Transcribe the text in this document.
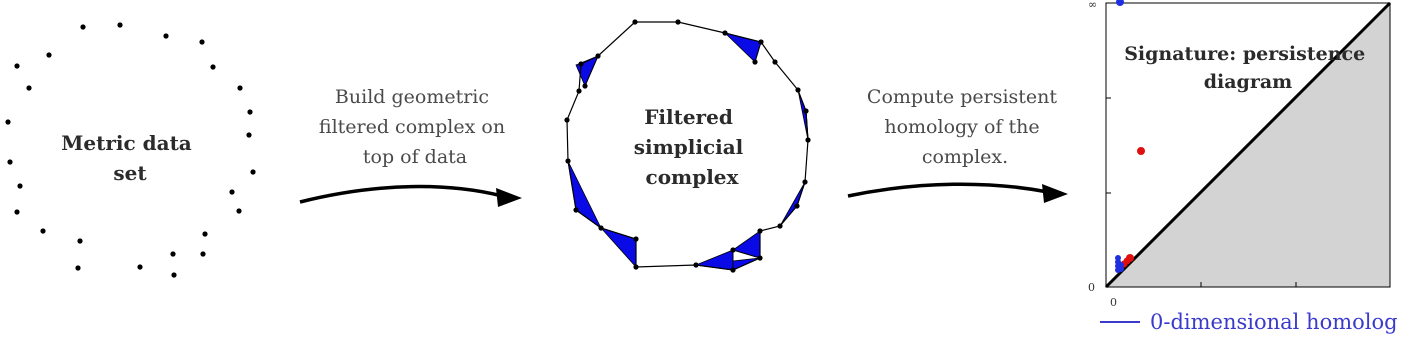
Metric data set
Build geometric filtered complex on top of data
Filtered simplicial complex
Compute persistent homology of the complex.
Signature: persistence diagram
∞
0
0
0-dimensional homolog
